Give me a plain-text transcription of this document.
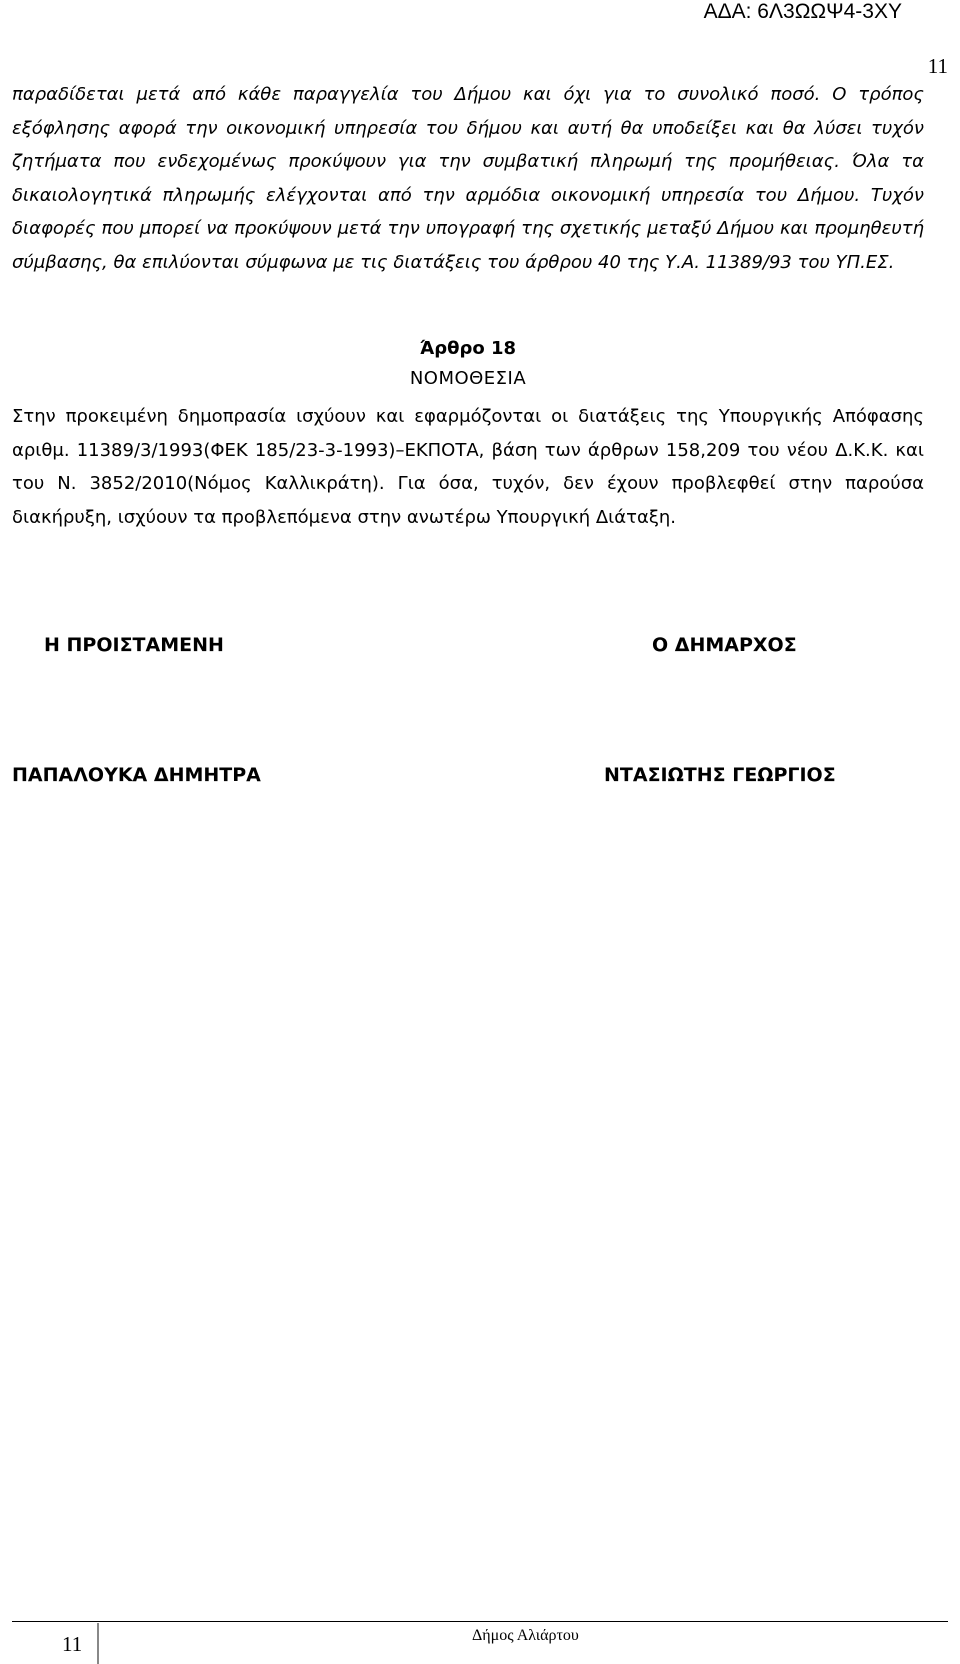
ΑΔΑ: 6Λ3ΩΩΨ4-3ΧΥ
11

παραδίδεται μετά από κάθε παραγγελία του Δήμου και όχι για το συνολικό ποσό. Ο τρόπος εξόφλησης αφορά την οικονομική υπηρεσία του δήμου και αυτή θα υποδείξει και θα λύσει τυχόν ζητήματα που ενδεχομένως προκύψουν για την συμβατική πληρωμή της προμήθειας. Όλα τα δικαιολογητικά πληρωμής ελέγχονται από την αρμόδια οικονομική υπηρεσία του Δήμου. Τυχόν διαφορές που μπορεί να προκύψουν μετά την υπογραφή της σχετικής μεταξύ Δήμου και προμηθευτή σύμβασης, θα επιλύονται σύμφωνα με τις διατάξεις του άρθρου 40 της Υ.Α. 11389/93 του ΥΠ.ΕΣ.

Άρθρο 18
ΝΟΜΟΘΕΣΙΑ

Στην προκειμένη δημοπρασία ισχύουν και εφαρμόζονται οι διατάξεις της Υπουργικής Απόφασης αριθμ. 11389/3/1993(ΦΕΚ 185/23-3-1993)–ΕΚΠΟΤΑ, βάση των άρθρων 158,209 του νέου Δ.Κ.Κ. και του Ν. 3852/2010(Νόμος Καλλικράτη). Για όσα, τυχόν, δεν έχουν προβλεφθεί στην παρούσα διακήρυξη, ισχύουν τα προβλεπόμενα στην ανωτέρω Υπουργική Διάταξη.

Η ΠΡΟΙΣΤΑΜΕΝΗ	Ο ΔΗΜΑΡΧΟΣ
ΠΑΠΑΛΟΥΚΑ ΔΗΜΗΤΡΑ	ΝΤΑΣΙΩΤΗΣ ΓΕΩΡΓΙΟΣ
11	Δήμος Αλιάρτου
